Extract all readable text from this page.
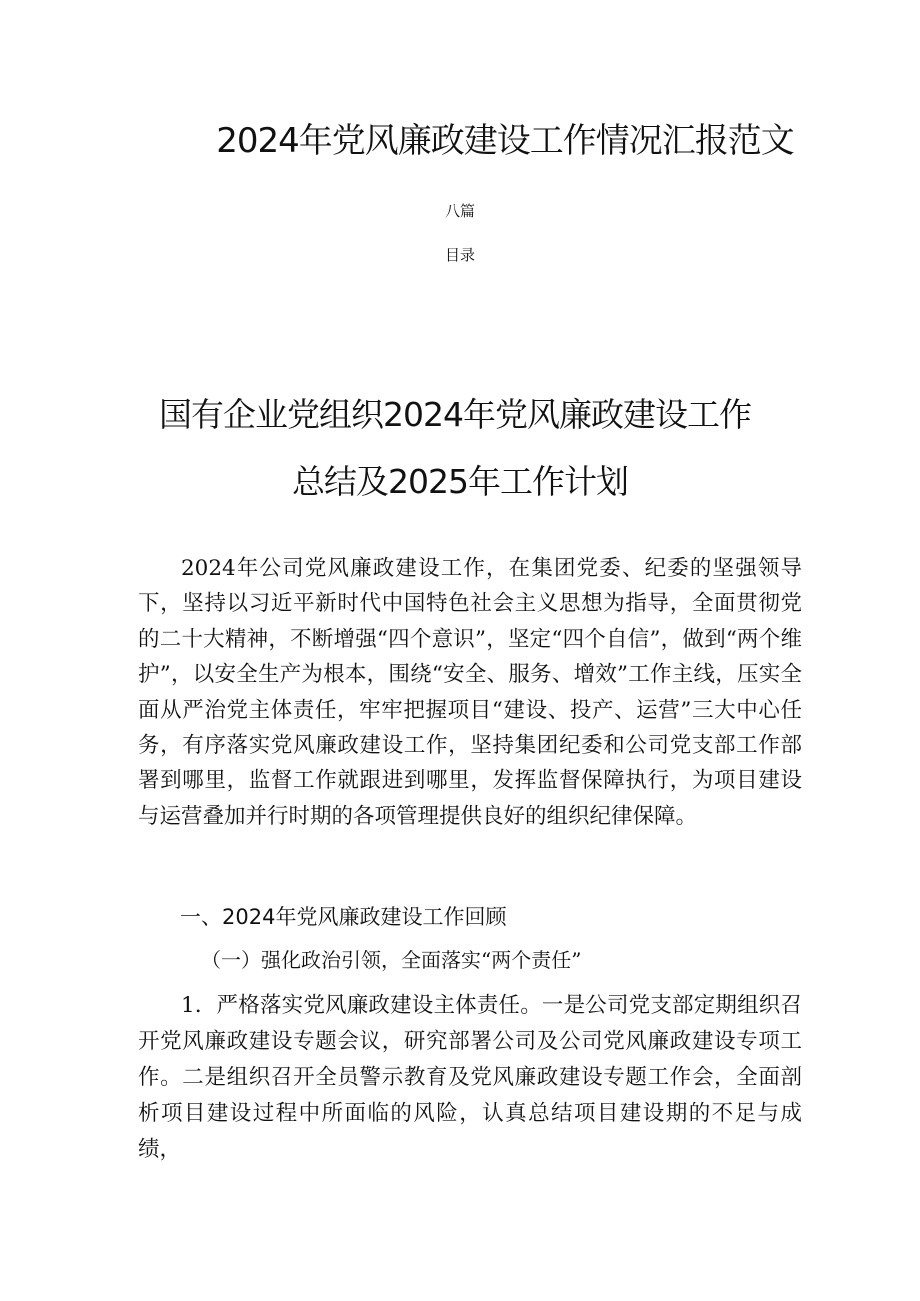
2024年党风廉政建设工作情况汇报范文
八篇
目录
国有企业党组织2024年党风廉政建设工作
总结及2025年工作计划

2024年公司党风廉政建设工作，在集团党委、纪委的坚强领导下，坚持以习近平新时代中国特色社会主义思想为指导，全面贯彻党的二十大精神，不断增强“四个意识”，坚定“四个自信”，做到“两个维护”，以安全生产为根本，围绕“安全、服务、增效”工作主线，压实全面从严治党主体责任，牢牢把握项目“建设、投产、运营”三大中心任务，有序落实党风廉政建设工作，坚持集团纪委和公司党支部工作部署到哪里，监督工作就跟进到哪里，发挥监督保障执行，为项目建设与运营叠加并行时期的各项管理提供良好的组织纪律保障。

一、2024年党风廉政建设工作回顾
（一）强化政治引领，全面落实“两个责任”

1．严格落实党风廉政建设主体责任。一是公司党支部定期组织召开党风廉政建设专题会议，研究部署公司及公司党风廉政建设专项工作。二是组织召开全员警示教育及党风廉政建设专题工作会，全面剖析项目建设过程中所面临的风险，认真总结项目建设期的不足与成绩，
